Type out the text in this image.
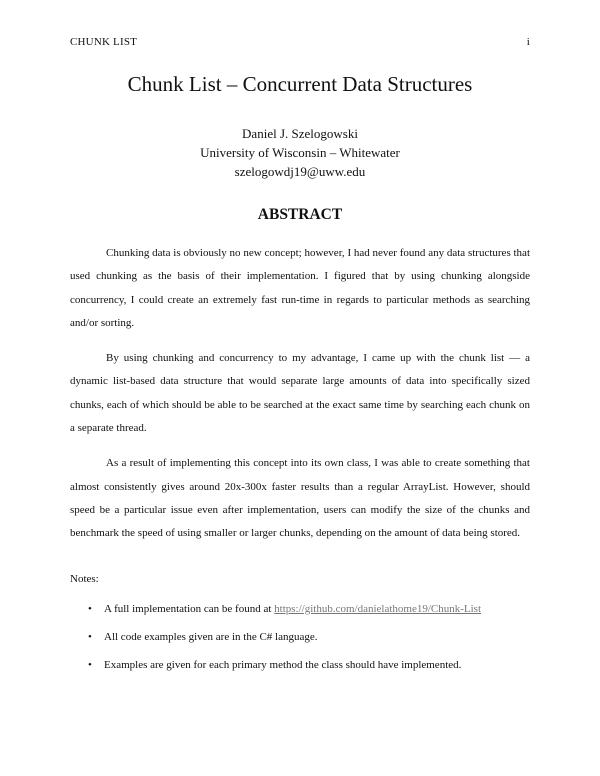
CHUNK LIST	i
Chunk List – Concurrent Data Structures
Daniel J. Szelogowski
University of Wisconsin – Whitewater
szelogowdj19@uww.edu
ABSTRACT

Chunking data is obviously no new concept; however, I had never found any data structures that used chunking as the basis of their implementation. I figured that by using chunking alongside concurrency, I could create an extremely fast run-time in regards to particular methods as searching and/or sorting.

By using chunking and concurrency to my advantage, I came up with the chunk list — a dynamic list-based data structure that would separate large amounts of data into specifically sized chunks, each of which should be able to be searched at the exact same time by searching each chunk on a separate thread.

As a result of implementing this concept into its own class, I was able to create something that almost consistently gives around 20x-300x faster results than a regular ArrayList. However, should speed be a particular issue even after implementation, users can modify the size of the chunks and benchmark the speed of using smaller or larger chunks, depending on the amount of data being stored.

Notes:
• A full implementation can be found at https://github.com/danielathome19/Chunk-List
• All code examples given are in the C# language.
• Examples are given for each primary method the class should have implemented.
